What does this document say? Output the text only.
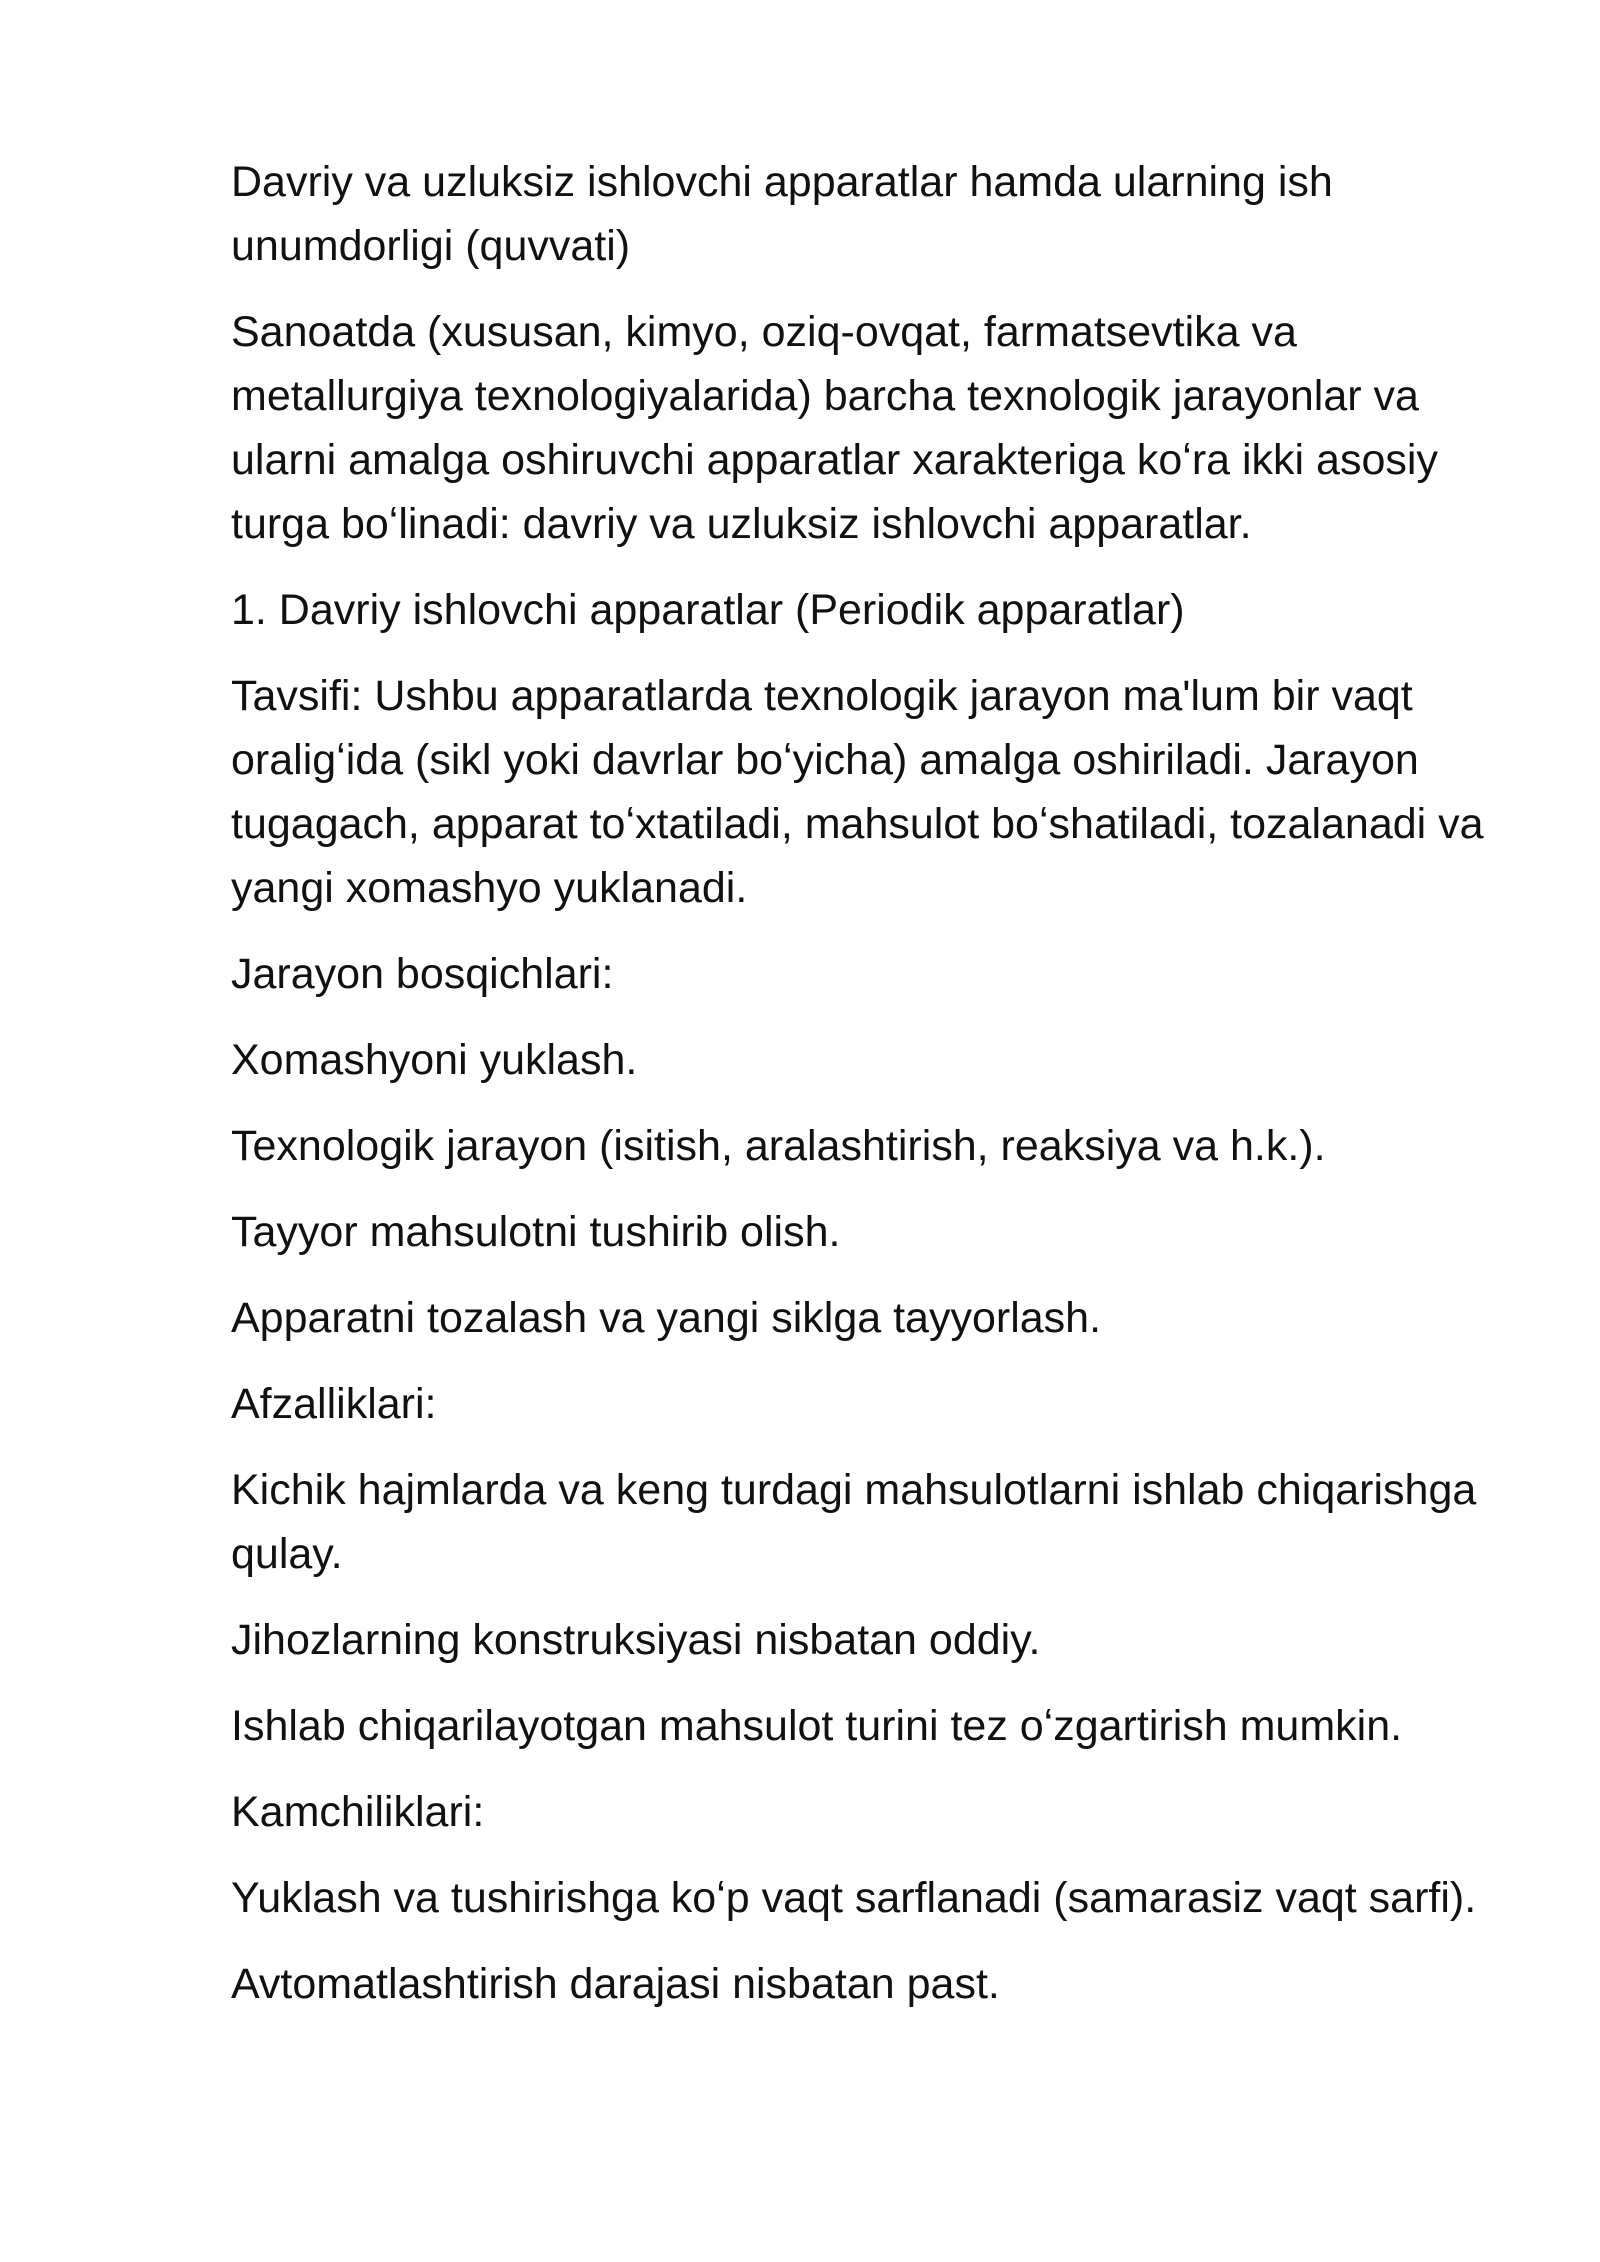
Davriy va uzluksiz ishlovchi apparatlar hamda ularning ish unumdorligi (quvvati)

Sanoatda (xususan, kimyo, oziq-ovqat, farmatsevtika va metallurgiya texnologiyalarida) barcha texnologik jarayonlar va ularni amalga oshiruvchi apparatlar xarakteriga koʻra ikki asosiy turga boʻlinadi: davriy va uzluksiz ishlovchi apparatlar.

1. Davriy ishlovchi apparatlar (Periodik apparatlar)

Tavsifi: Ushbu apparatlarda texnologik jarayon ma'lum bir vaqt oraligʻida (sikl yoki davrlar boʻyicha) amalga oshiriladi. Jarayon tugagach, apparat toʻxtatiladi, mahsulot boʻshatiladi, tozalanadi va yangi xomashyo yuklanadi.

Jarayon bosqichlari:

Xomashyoni yuklash.

Texnologik jarayon (isitish, aralashtirish, reaksiya va h.k.).

Tayyor mahsulotni tushirib olish.

Apparatni tozalash va yangi siklga tayyorlash.

Afzalliklari:

Kichik hajmlarda va keng turdagi mahsulotlarni ishlab chiqarishga qulay.

Jihozlarning konstruksiyasi nisbatan oddiy.

Ishlab chiqarilayotgan mahsulot turini tez oʻzgartirish mumkin.

Kamchiliklari:

Yuklash va tushirishga koʻp vaqt sarflanadi (samarasiz vaqt sarfi).

Avtomatlashtirish darajasi nisbatan past.
